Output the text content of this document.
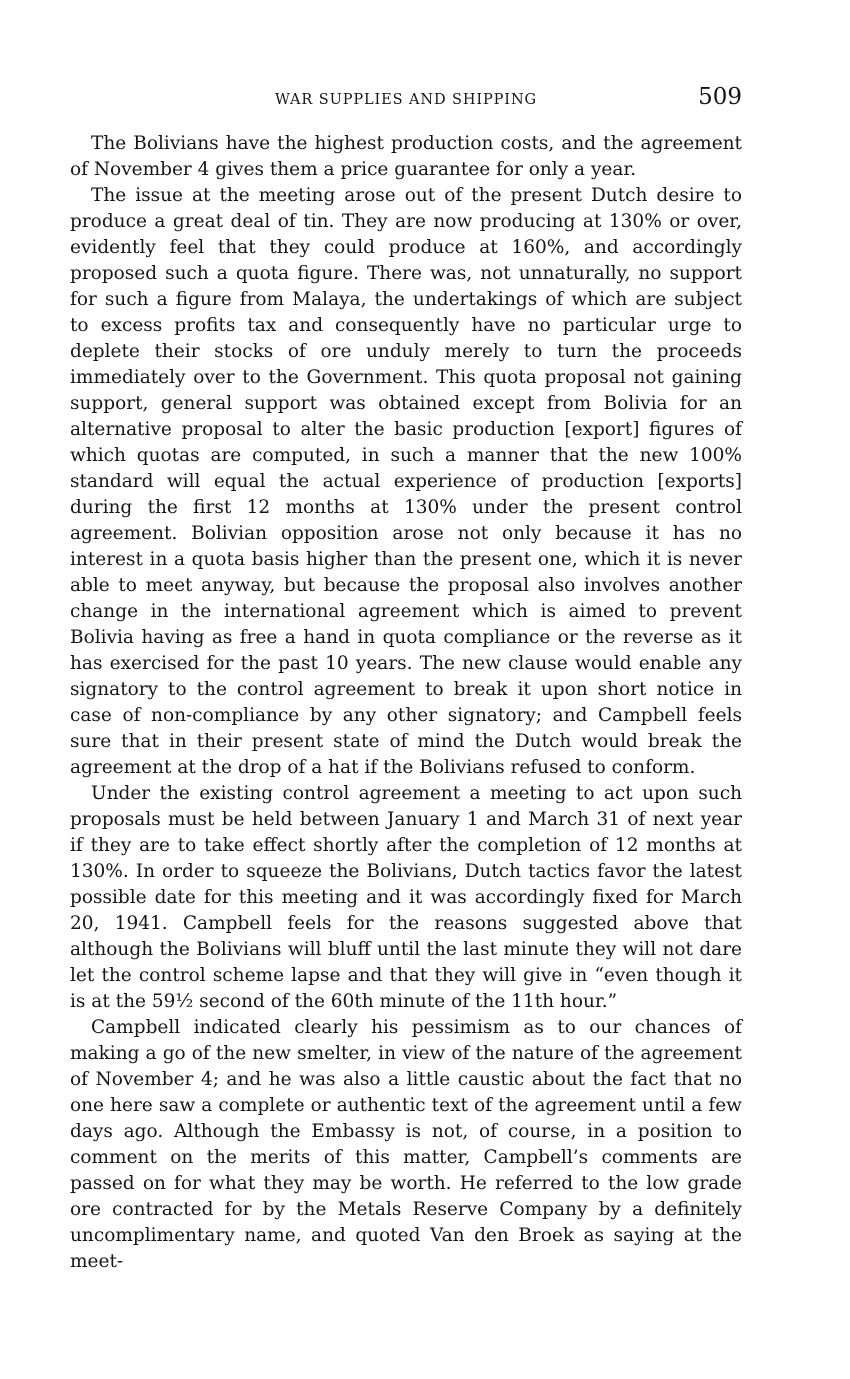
WAR SUPPLIES AND SHIPPING	509

The Bolivians have the highest production costs, and the agreement of November 4 gives them a price guarantee for only a year.

The issue at the meeting arose out of the present Dutch desire to produce a great deal of tin. They are now producing at 130% or over, evidently feel that they could produce at 160%, and accordingly proposed such a quota figure. There was, not unnaturally, no support for such a figure from Malaya, the undertakings of which are subject to excess profits tax and consequently have no particular urge to deplete their stocks of ore unduly merely to turn the proceeds immediately over to the Government. This quota proposal not gaining support, general support was obtained except from Bolivia for an alternative proposal to alter the basic production [export] figures of which quotas are computed, in such a manner that the new 100% standard will equal the actual experience of production [exports] during the first 12 months at 130% under the present control agreement. Bolivian opposition arose not only because it has no interest in a quota basis higher than the present one, which it is never able to meet anyway, but because the proposal also involves another change in the international agreement which is aimed to prevent Bolivia having as free a hand in quota compliance or the reverse as it has exercised for the past 10 years. The new clause would enable any signatory to the control agreement to break it upon short notice in case of non-compliance by any other signatory; and Campbell feels sure that in their present state of mind the Dutch would break the agreement at the drop of a hat if the Bolivians refused to conform.

Under the existing control agreement a meeting to act upon such proposals must be held between January 1 and March 31 of next year if they are to take effect shortly after the completion of 12 months at 130%. In order to squeeze the Bolivians, Dutch tactics favor the latest possible date for this meeting and it was accordingly fixed for March 20, 1941. Campbell feels for the reasons suggested above that although the Bolivians will bluff until the last minute they will not dare let the control scheme lapse and that they will give in “even though it is at the 59½ second of the 60th minute of the 11th hour.”

Campbell indicated clearly his pessimism as to our chances of making a go of the new smelter, in view of the nature of the agreement of November 4; and he was also a little caustic about the fact that no one here saw a complete or authentic text of the agreement until a few days ago. Although the Embassy is not, of course, in a position to comment on the merits of this matter, Campbell’s comments are passed on for what they may be worth. He referred to the low grade ore contracted for by the Metals Reserve Company by a definitely uncomplimentary name, and quoted Van den Broek as saying at the meet-
